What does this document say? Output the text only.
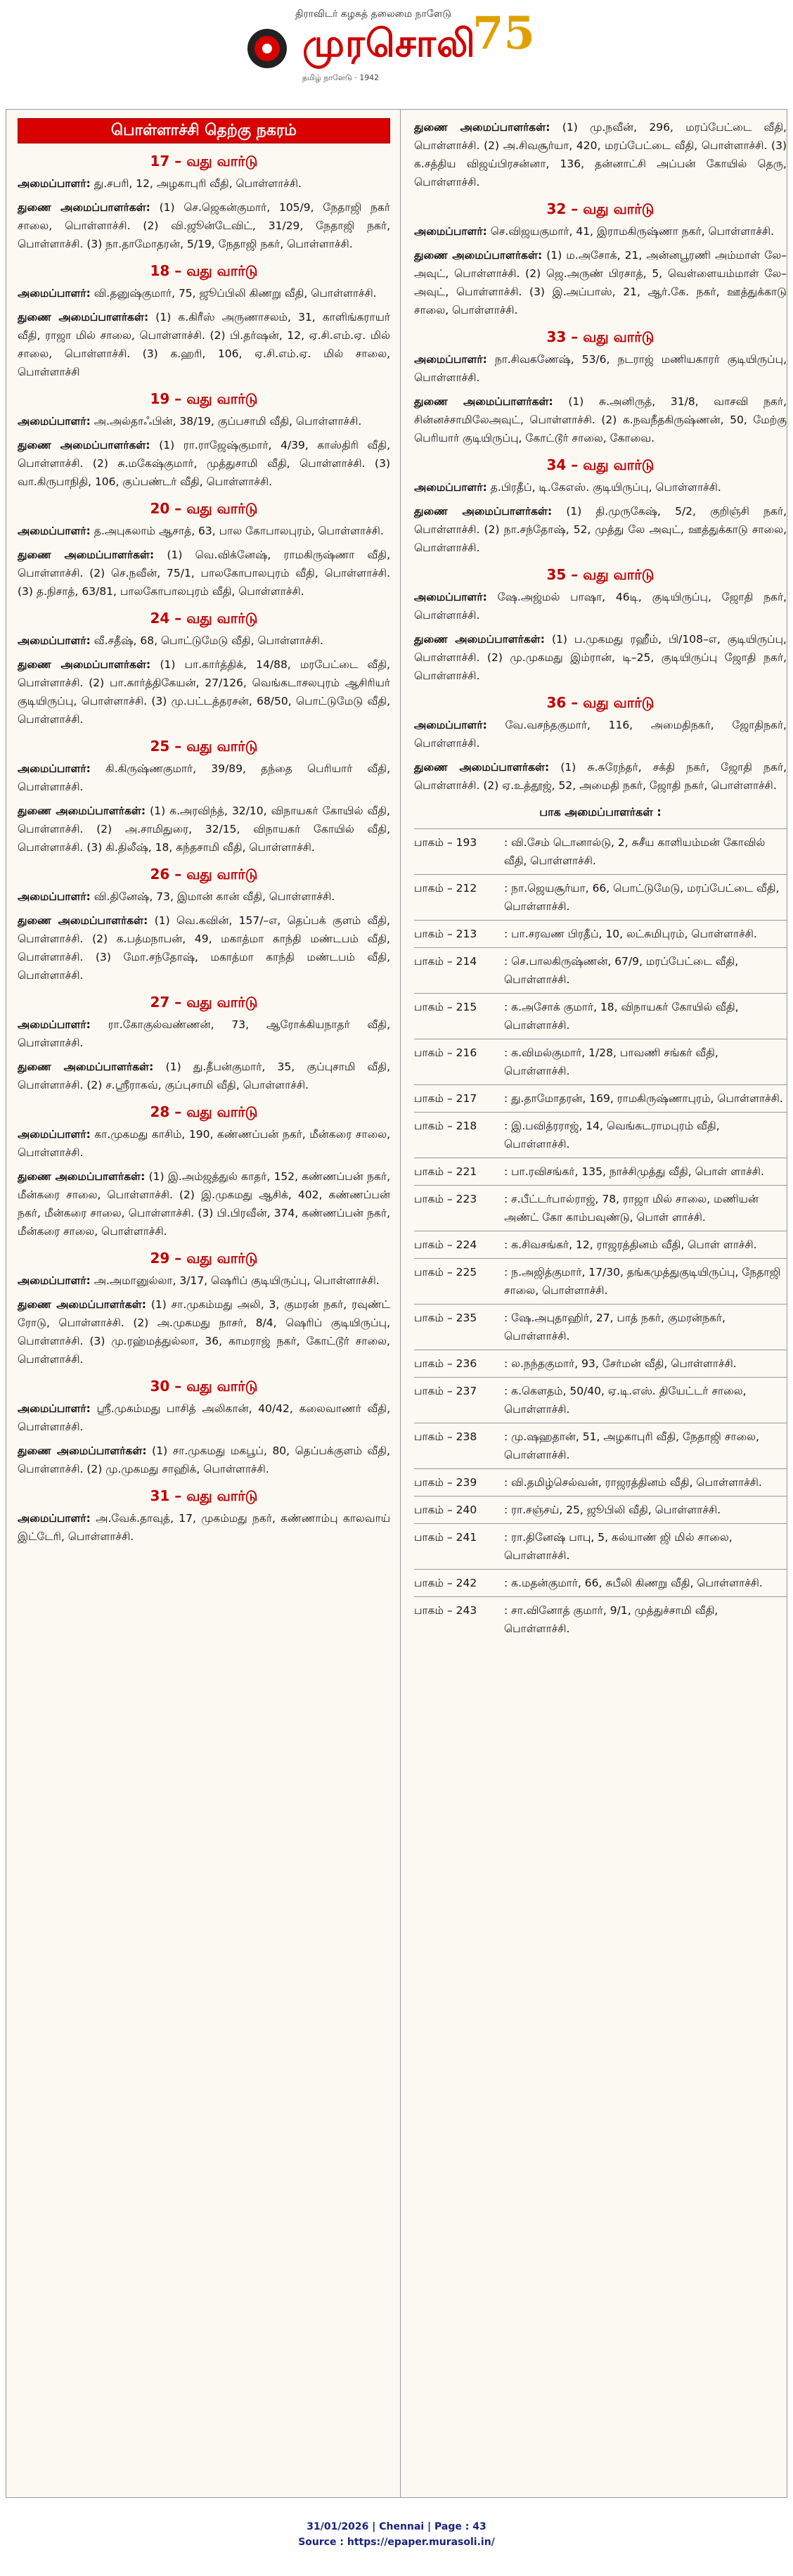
திராவிடர் கழகத் தலைமை நாளேடு
முரசொலி
75
தமிழ் நாளேடு · 1942
பொள்ளாச்சி தெற்கு நகரம்
17 – வது வார்டு
அமைப்பாளர்: து.சபரி, 12, அழகாபுரி வீதி, பொள்ளாச்சி.
துணை அமைப்பாளர்கள்: (1) செ.ஜெகன்குமார், 105/9, நேதாஜி நகர் சாலை, பொள்ளாச்சி. (2) வி.ஜூன்டேவிட், 31/29, நேதாஜி நகர், பொள்ளாச்சி. (3) நா.தாமோதரன், 5/19, நேதாஜி நகர், பொள்ளாச்சி.
18 – வது வார்டு
அமைப்பாளர்: வி.தனுஷ்குமார், 75, ஜூப்பிலி கிணறு வீதி, பொள்ளாச்சி.
துணை அமைப்பாளர்கள்: (1) க.கிரீஸ் அருணாசலம், 31, காளிங்கராயர் வீதி, ராஜா மில் சாலை, பொள்ளாச்சி. (2) பி.தர்ஷன், 12, ஏ.சி.எம்.ஏ. மில் சாலை, பொள்ளாச்சி. (3) க.ஹரி, 106, ஏ.சி.எம்.ஏ. மில் சாலை, பொள்ளாச்சி
19 – வது வார்டு
அமைப்பாளர்: அ.அல்தாஃபின், 38/19, குப்பசாமி வீதி, பொள்ளாச்சி.
துணை அமைப்பாளர்கள்: (1) ரா.ராஜேஷ்குமார், 4/39, காஸ்திரி வீதி, பொள்ளாச்சி. (2) சு.மகேஷ்குமார், முத்துசாமி வீதி, பொள்ளாச்சி. (3) வா.கிருபாநிதி, 106, குப்பண்டர் வீதி, பொள்ளாச்சி.
20 – வது வார்டு
அமைப்பாளர்: த.அபுகலாம் ஆசாத், 63, பால கோபாலபுரம், பொள்ளாச்சி.
துணை அமைப்பாளர்கள்: (1) வெ.விக்னேஷ், ராமகிருஷ்ணா வீதி, பொள்ளாச்சி. (2) செ.நவீன், 75/1, பாலகோபாலபுரம் வீதி, பொள்ளாச்சி. (3) த.நிசாத், 63/81, பாலகோபாலபுரம் வீதி, பொள்ளாச்சி.
24 – வது வார்டு
அமைப்பாளர்: வீ.சதீஷ், 68, பொட்டுமேடு வீதி, பொள்ளாச்சி.
துணை அமைப்பாளர்கள்: (1) பா.கார்த்திக், 14/88, மரபேட்டை வீதி, பொள்ளாச்சி. (2) பா.கார்த்திகேயன், 27/126, வெங்கடாசலபுரம் ஆசிரியர் குடியிருப்பு, பொள்ளாச்சி. (3) மு.பட்டத்தரசன், 68/50, பொட்டுமேடு வீதி, பொள்ளாச்சி.
25 – வது வார்டு
அமைப்பாளர்: கி.கிருஷ்ணகுமார், 39/89, தந்தை பெரியார் வீதி, பொள்ளாச்சி.
துணை அமைப்பாளர்கள்: (1) க.அரவிந்த், 32/10, விநாயகர் கோயில் வீதி, பொள்ளாச்சி. (2) அ.சாமிதுரை, 32/15, விநாயகர் கோயில் வீதி, பொள்ளாச்சி. (3) கி.திலீஷ், 18, கந்தசாமி வீதி, பொள்ளாச்சி.
26 – வது வார்டு
அமைப்பாளர்: வி.தினேஷ், 73, இமான் கான் வீதி, பொள்ளாச்சி.
துணை அமைப்பாளர்கள்: (1) வெ.கவின், 157/–எ, தெப்பக் குளம் வீதி, பொள்ளாச்சி. (2) க.பத்மநாபன், 49, மகாத்மா காந்தி மண்டபம் வீதி, பொள்ளாச்சி. (3) மோ.சந்தோஷ், மகாத்மா காந்தி மண்டபம் வீதி, பொள்ளாச்சி.
27 – வது வார்டு
அமைப்பாளர்: ரா.கோகுல்வண்ணன், 73, ஆரோக்கியநாதர் வீதி, பொள்ளாச்சி.
துணை அமைப்பாளர்கள்: (1) து.தீபன்குமார், 35, குப்புசாமி வீதி, பொள்ளாச்சி. (2) ச.ஸ்ரீராகவ், குப்புசாமி வீதி, பொள்ளாச்சி.
28 – வது வார்டு
அமைப்பாளர்: கா.முகமது காசிம், 190, கண்ணப்பன் நகர், மீன்கரை சாலை, பொள்ளாச்சி.
துணை அமைப்பாளர்கள்: (1) இ.அம்ஜத்துல் காதர், 152, கண்ணப்பன் நகர், மீன்கரை சாலை, பொள்ளாச்சி. (2) இ.முகமது ஆசிக், 402, கண்ணப்பன் நகர், மீன்கரை சாலை, பொள்ளாச்சி. (3) பி.பிரவீன், 374, கண்ணப்பன் நகர், மீன்கரை சாலை, பொள்ளாச்சி.
29 – வது வார்டு
அமைப்பாளர்: அ.அமானுல்லா, 3/17, ஷெரிப் குடியிருப்பு, பொள்ளாச்சி.
துணை அமைப்பாளர்கள்: (1) சா.முகம்மது அலி, 3, குமரன் நகர், ரவுண்ட் ரோடு, பொள்ளாச்சி. (2) அ.முகமது நாசர், 8/4, ஷெரிப் குடியிருப்பு, பொள்ளாச்சி. (3) மு.ரஹ்மத்துல்லா, 36, காமராஜ் நகர், கோட்டூர் சாலை, பொள்ளாச்சி.
30 – வது வார்டு
அமைப்பாளர்: ஸ்ரீ.முகம்மது பாசித் அலிகான், 40/42, கலைவாணர் வீதி, பொள்ளாச்சி.
துணை அமைப்பாளர்கள்: (1) சா.முகமது மகபூப், 80, தெப்பக்குளம் வீதி, பொள்ளாச்சி. (2) மு.முகமது சாஹிக், பொள்ளாச்சி.
31 – வது வார்டு
அமைப்பாளர்: அ.வேக்.தாவுத், 17, முகம்மது நகர், கண்ணாம்பு காலவாய் இட்டேரி, பொள்ளாச்சி.
துணை அமைப்பாளர்கள்: (1) மு.நவீன், 296, மரப்பேட்டை வீதி, பொள்ளாச்சி. (2) அ.சிவசூர்யா, 420, மரப்பேட்டை வீதி, பொள்ளாச்சி. (3) க.சத்திய விஜய்பிரசன்னா, 136, தன்னாட்சி அப்பன் கோயில் தெரு, பொள்ளாச்சி.
32 – வது வார்டு
அமைப்பாளர்: செ.விஜயகுமார், 41, இராமகிருஷ்ணா நகர், பொள்ளாச்சி.
துணை அமைப்பாளர்கள்: (1) ம.அசோக், 21, அன்னபூரணி அம்மாள் லே–அவுட், பொள்ளாச்சி. (2) ஜெ.அருண் பிரசாத், 5, வெள்ளையம்மாள் லே–அவுட், பொள்ளாச்சி. (3) இ.அப்பாஸ், 21, ஆர்.கே. நகர், ஊத்துக்காடு சாலை, பொள்ளாச்சி.
33 – வது வார்டு
அமைப்பாளர்: நா.சிவகணேஷ், 53/6, நடராஜ் மணியகாரர் குடியிருப்பு, பொள்ளாச்சி.
துணை அமைப்பாளர்கள்: (1) சு.அனிருத், 31/8, வாசவி நகர், சின்னச்சாமிலேஅவுட், பொள்ளாச்சி. (2) க.நவநீதகிருஷ்ணன், 50, மேற்கு பெரியார் குடியிருப்பு, கோட்டூர் சாலை, கோவை.
34 – வது வார்டு
அமைப்பாளர்: த.பிரதீப், டி.கேஎஸ். குடியிருப்பு, பொள்ளாச்சி.
துணை அமைப்பாளர்கள்: (1) தி.முருகேஷ், 5/2, குறிஞ்சி நகர், பொள்ளாச்சி. (2) நா.சந்தோஷ், 52, முத்து லே அவுட், ஊத்துக்காடு சாலை, பொள்ளாச்சி.
35 – வது வார்டு
அமைப்பாளர்: ஷே.அஜ்மல் பாஷா, 46டி, குடியிருப்பு, ஜோதி நகர், பொள்ளாச்சி.
துணை அமைப்பாளர்கள்: (1) ப.முகமது ரஹீம், பி/108–எ, குடியிருப்பு, பொள்ளாச்சி. (2) மு.முகமது இம்ரான், டி–25, குடியிருப்பு ஜோதி நகர், பொள்ளாச்சி.
36 – வது வார்டு
அமைப்பாளர்: வே.வசந்தகுமார், 116, அமைதிநகர், ஜோதிநகர், பொள்ளாச்சி.
துணை அமைப்பாளர்கள்: (1) சு.சுரேந்தர், சக்தி நகர், ஜோதி நகர், பொள்ளாச்சி. (2) ஏ.உத்தூஜ், 52, அமைதி நகர், ஜோதி நகர், பொள்ளாச்சி.
பாக அமைப்பாளர்கள் :
பாகம் – 193	: வி.சேம் டொனால்டு, 2, சுசீய காளியம்மன் கோவில் வீதி, பொள்ளாச்சி.
பாகம் – 212	: நா.ஜெயசூர்யா, 66, பொட்டுமேடு, மரப்பேட்டை வீதி, பொள்ளாச்சி.
பாகம் – 213	: பா.சரவண பிரதீப், 10, லட்சுமிபுரம், பொள்ளாச்சி.
பாகம் – 214	: செ.பாலகிருஷ்ணன், 67/9, மரப்பேட்டை வீதி, பொள்ளாச்சி.
பாகம் – 215	: க.அசோக் குமார், 18, விநாயகர் கோயில் வீதி, பொள்ளாச்சி.
பாகம் – 216	: க.விமல்குமார், 1/28, பாவணி சங்கர் வீதி, பொள்ளாச்சி.
பாகம் – 217	: து.தாமோதரன், 169, ராமகிருஷ்ணாபுரம், பொள்ளாச்சி.
பாகம் – 218	: இ.பவித்ரராஜ், 14, வெங்கடராமபுரம் வீதி, பொள்ளாச்சி.
பாகம் – 221	: பா.ரவிசங்கர், 135, நாச்சிமுத்து வீதி, பொள் ளாச்சி.
பாகம் – 223	: ச.பீட்டர்பால்ராஜ், 78, ராஜா மில் சாலை, மணியன் அண்ட் கோ காம்பவுண்டு, பொள் ளாச்சி.
பாகம் – 224	: க.சிவசங்கர், 12, ராஜரத்தினம் வீதி, பொள் ளாச்சி.
பாகம் – 225	: ந.அஜித்குமார், 17/30, தங்கமுத்துகுடியிருப்பு, நேதாஜி சாலை, பொள்ளாச்சி.
பாகம் – 235	: ஷே.அபுதாஹிர், 27, பாத் நகர், குமரன்நகர், பொள்ளாச்சி.
பாகம் – 236	: ல.நந்தகுமார், 93, சேர்மன் வீதி, பொள்ளாச்சி.
பாகம் – 237	: க.கௌதம், 50/40, ஏ.டி.எஸ். தியேட்டர் சாலை, பொள்ளாச்சி.
பாகம் – 238	: மு.ஷஹதான், 51, அழகாபுரி வீதி, நேதாஜி சாலை, பொள்ளாச்சி.
பாகம் – 239	: வி.தமிழ்செல்வன், ராஜரத்தினம் வீதி, பொள்ளாச்சி.
பாகம் – 240	: ரா.சஞ்சய், 25, ஜூபிலி வீதி, பொள்ளாச்சி.
பாகம் – 241	: ரா.தினேஷ் பாபு, 5, கல்யாண் ஜி மில் சாலை, பொள்ளாச்சி.
பாகம் – 242	: க.மதன்குமார், 66, சுபீலி கிணறு வீதி, பொள்ளாச்சி.
பாகம் – 243	: சா.வினோத் குமார், 9/1, முத்துச்சாமி வீதி, பொள்ளாச்சி.
31/01/2026 | Chennai | Page : 43
Source : https://epaper.murasoli.in/
